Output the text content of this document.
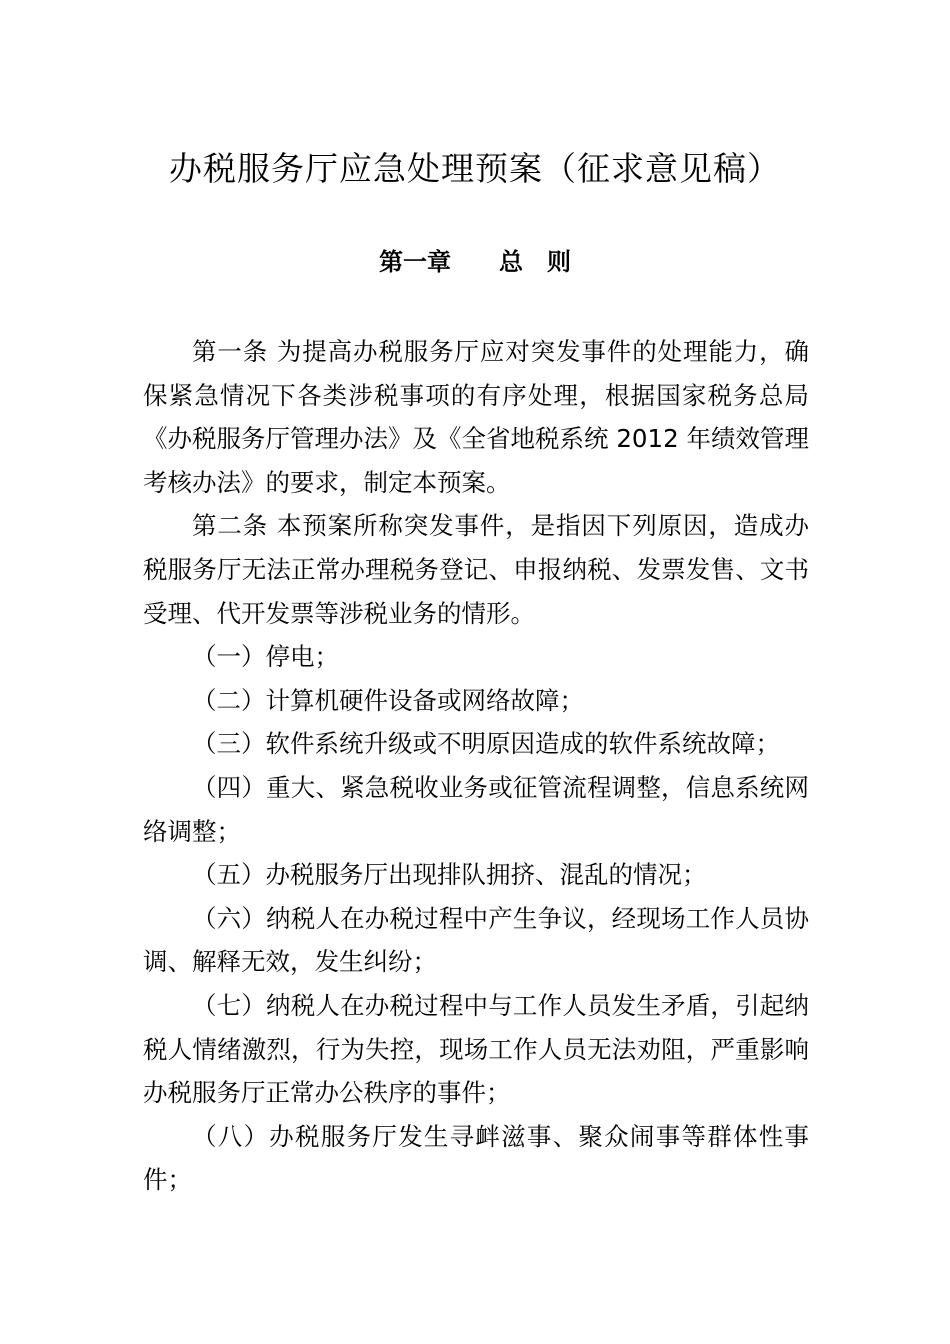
办税服务厅应急处理预案（征求意见稿）
第一章　　总　则

第一条 为提高办税服务厅应对突发事件的处理能力，确保紧急情况下各类涉税事项的有序处理，根据国家税务总局《办税服务厅管理办法》及《全省地税系统 2012 年绩效管理考核办法》的要求，制定本预案。

第二条 本预案所称突发事件，是指因下列原因，造成办税服务厅无法正常办理税务登记、申报纳税、发票发售、文书受理、代开发票等涉税业务的情形。

（一）停电；

（二）计算机硬件设备或网络故障；

（三）软件系统升级或不明原因造成的软件系统故障；

（四）重大、紧急税收业务或征管流程调整，信息系统网络调整；

（五）办税服务厅出现排队拥挤、混乱的情况；

（六）纳税人在办税过程中产生争议，经现场工作人员协调、解释无效，发生纠纷；

（七）纳税人在办税过程中与工作人员发生矛盾，引起纳税人情绪激烈，行为失控，现场工作人员无法劝阻，严重影响办税服务厅正常办公秩序的事件；

（八）办税服务厅发生寻衅滋事、聚众闹事等群体性事件；
